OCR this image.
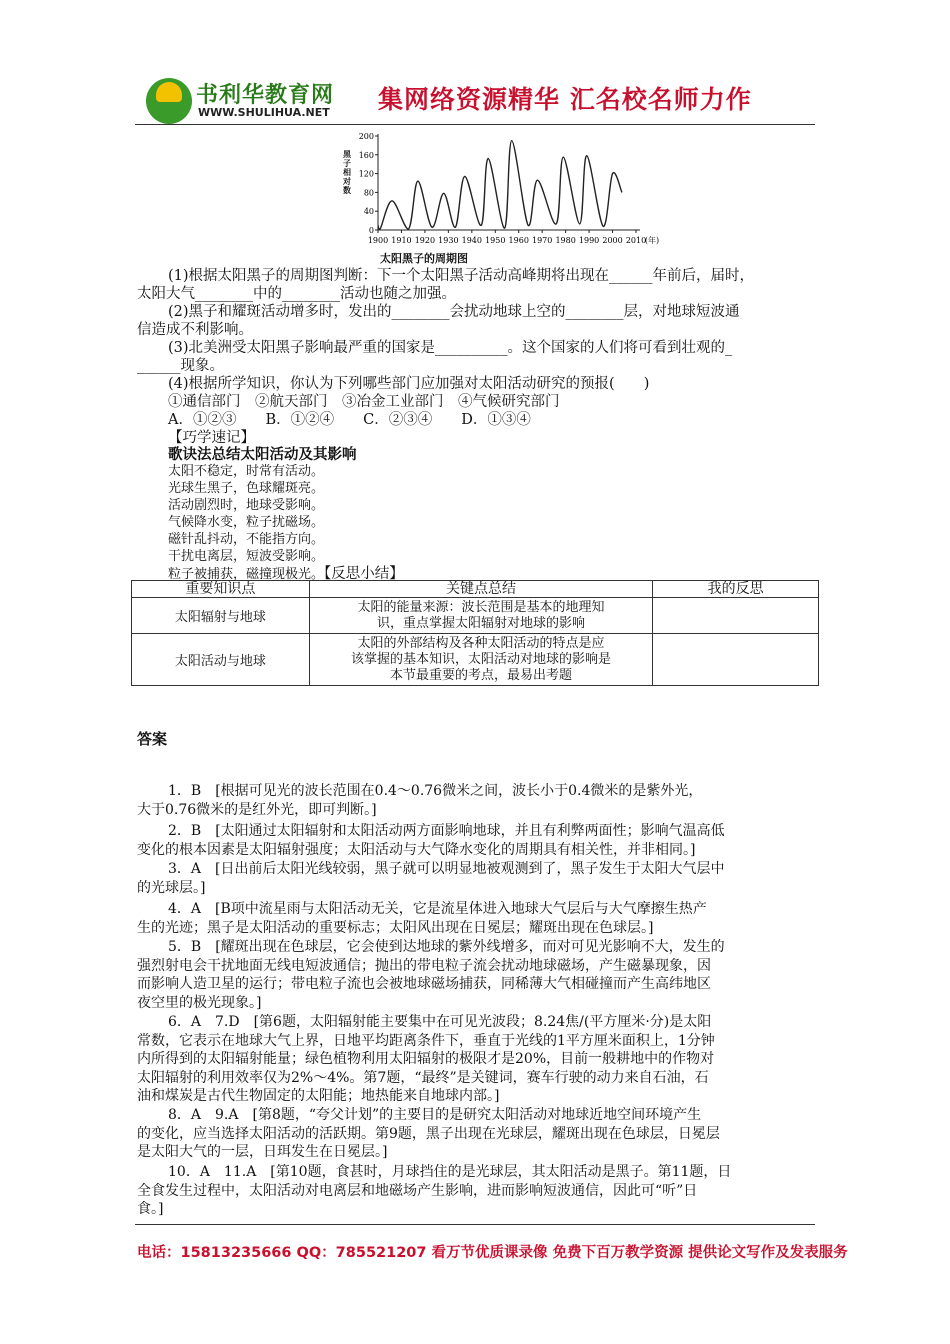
书利华教育网
WWW.SHULIHUA.NET 集网络资源精华 汇名校名师力作
200
160
120
80
40
0
1900 1910 1920 1930 1940 1950 1960 1970 1980 1990 2000 2010
(年)
黑子相对数
太阳黑子的周期图
(1)根据太阳黑子的周期图判断：下一个太阳黑子活动高峰期将出现在______年前后，届时，
太阳大气________中的________活动也随之加强。
(2)黑子和耀斑活动增多时，发出的________会扰动地球上空的________层，对地球短波通
信造成不利影响。
(3)北美洲受太阳黑子影响最严重的国家是__________。这个国家的人们将可看到壮观的_
______现象。
(4)根据所学知识，你认为下列哪些部门应加强对太阳活动研究的预报(　　)
①通信部门　②航天部门　③冶金工业部门　④气候研究部门
A．①②③　　B．①②④　　C．②③④　　D．①③④
【巧学速记】
歌诀法总结太阳活动及其影响
太阳不稳定，时常有活动。
光球生黑子，色球耀斑亮。
活动剧烈时，地球受影响。
气候降水变，粒子扰磁场。
磁针乱抖动，不能指方向。
干扰电离层，短波受影响。
粒子被捕获，磁撞现极光。【反思小结】
重要知识点	关键点总结	我的反思
太阳辐射与地球	太阳的能量来源：波长范围是基本的地理知
识，重点掌握太阳辐射对地球的影响	

太阳活动与地球	太阳的外部结构及各种太阳活动的特点是应
该掌握的基本知识，太阳活动对地球的影响是
本节最重要的考点，最易出考题	

答案
1．B　[根据可见光的波长范围在0.4～0.76微米之间，波长小于0.4微米的是紫外光，
大于0.76微米的是红外光，即可判断。]
2．B　[太阳通过太阳辐射和太阳活动两方面影响地球，并且有利弊两面性；影响气温高低
变化的根本因素是太阳辐射强度；太阳活动与大气降水变化的周期具有相关性，并非相同。]
3．A　[日出前后太阳光线较弱，黑子就可以明显地被观测到了，黑子发生于太阳大气层中
的光球层。]
4．A　[B项中流星雨与太阳活动无关，它是流星体进入地球大气层后与大气摩擦生热产
生的光迹；黑子是太阳活动的重要标志；太阳风出现在日冕层；耀斑出现在色球层。]
5．B　[耀斑出现在色球层，它会使到达地球的紫外线增多，而对可见光影响不大，发生的
强烈射电会干扰地面无线电短波通信；抛出的带电粒子流会扰动地球磁场，产生磁暴现象，因
而影响人造卫星的运行；带电粒子流也会被地球磁场捕获，同稀薄大气相碰撞而产生高纬地区
夜空里的极光现象。]
6．A　7.D　[第6题，太阳辐射能主要集中在可见光波段；8.24焦/(平方厘米·分)是太阳
常数，它表示在地球大气上界，日地平均距离条件下，垂直于光线的1平方厘米面积上，1分钟
内所得到的太阳辐射能量；绿色植物利用太阳辐射的极限才是20%，目前一般耕地中的作物对
太阳辐射的利用效率仅为2%～4%。第7题，“最终”是关键词，赛车行驶的动力来自石油，石
油和煤炭是古代生物固定的太阳能；地热能来自地球内部。]
8．A　9.A　[第8题，“夸父计划”的主要目的是研究太阳活动对地球近地空间环境产生
的变化，应当选择太阳活动的活跃期。第9题，黑子出现在光球层，耀斑出现在色球层，日冕层
是太阳大气的一层，日珥发生在日冕层。]
10．A　11.A　[第10题，食甚时，月球挡住的是光球层，其太阳活动是黑子。第11题，日
全食发生过程中，太阳活动对电离层和地磁场产生影响，进而影响短波通信，因此可“听”日
食。]
电话：15813235666 QQ：785521207 看万节优质课录像 免费下百万教学资源 提供论文写作及发表服务
